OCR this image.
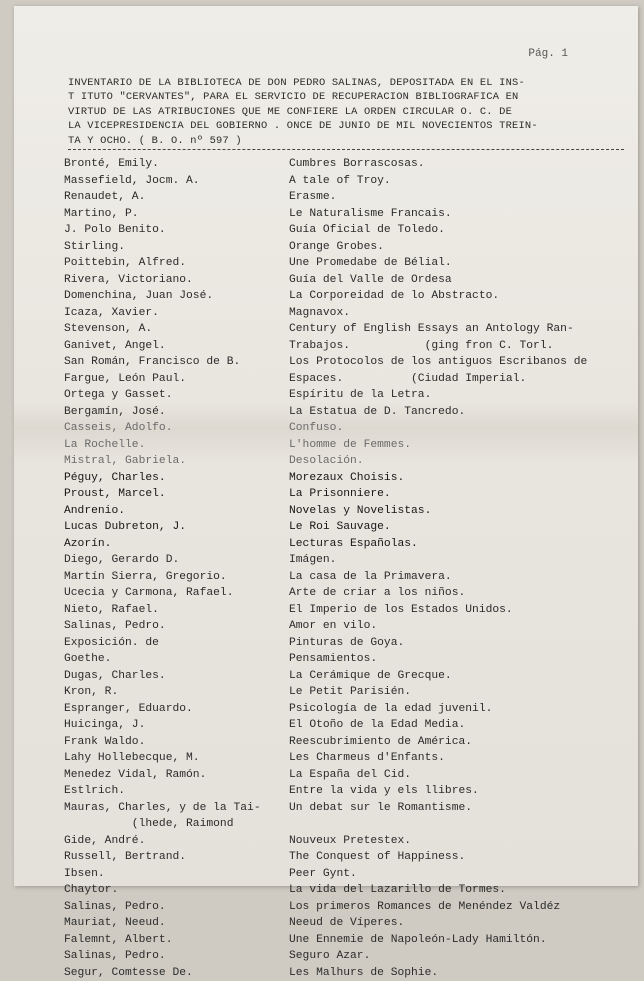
Pág. 1
INVENTARIO DE LA BIBLIOTECA DE DON PEDRO SALINAS, DEPOSITADA EN EL INS-
T ITUTO "CERVANTES", PARA EL SERVICIO DE RECUPERACION BIBLIOGRAFICA EN
VIRTUD DE LAS ATRIBUCIONES QUE ME CONFIERE LA ORDEN CIRCULAR O. C. DE
LA VICEPRESIDENCIA DEL GOBIERNO . ONCE DE JUNIO DE MIL NOVECIENTOS TREIN-
TA Y OCHO. ( B. O. nº 597 )
Bronté, Emily.	Cumbres Borrascosas.
Massefield, Jocm. A.	A tale of Troy.
Renaudet, A.	Erasme.
Martino, P.	Le Naturalisme Francais.
J. Polo Benito.	Guía Oficial de Toledo.
Stirling.	Orange Grobes.
Poittebin, Alfred.	Une Promedabe de Bélial.
Rivera, Victoriano.	Guía del Valle de Ordesa
Domenchina, Juan José.	La Corporeidad de lo Abstracto.
Icaza, Xavier.	Magnavox.
Stevenson, A.	Century of English Essays an Antology Ran-
Ganivet, Angel.	Trabajos.           (ging fron C. Torl.
San Román, Francisco de B.	Los Protocolos de los antiguos Escribanos de
Fargue, León Paul.	Espaces.          (Ciudad Imperial.
Ortega y Gasset.	Espíritu de la Letra.
Bergamín, José.	La Estatua de D. Tancredo.
Casseis, Adolfo.	Confuso.
La Rochelle.	L'homme de Femmes.
Mistral, Gabriela.	Desolación.
Péguy, Charles.	Morezaux Choisis.
Proust, Marcel.	La Prisonniere.
Andrenio.	Novelas y Novelistas.
Lucas Dubreton, J.	Le Roi Sauvage.
Azorín.	Lecturas Españolas.
Diego, Gerardo D.	Imágen.
Martín Sierra, Gregorio.	La casa de la Primavera.
Ucecia y Carmona, Rafael.	Arte de criar a los niños.
Nieto, Rafael.	El Imperio de los Estados Unidos.
Salinas, Pedro.	Amor en vilo.
Exposición. de	Pinturas de Goya.
Goethe.	Pensamientos.
Dugas, Charles.	La Cerámique de Grecque.
Kron, R.	Le Petit Parisién.
Espranger, Eduardo.	Psicología de la edad juvenil.
Huicinga, J.	El Otoño de la Edad Media.
Frank Waldo.	Reescubrimiento de América.
Lahy Hollebecque, M.	Les Charmeus d'Enfants.
Menedez Vidal, Ramón.	La España del Cid.
Estlrich.	Entre la vida y els llibres.
Mauras, Charles, y de la Tai-	Un debat sur le Romantisme.
(lhede, Raimond
Gide, André.	Nouveux Pretestex.
Russell, Bertrand.	The Conquest of Happiness.
Ibsen.	Peer Gynt.
Chaytor.	La vida del Lazarillo de Tormes.
Salinas, Pedro.	Los primeros Romances de Menéndez Valdéz
Mauriat, Neeud.	Neeud de Víperes.
Falemnt, Albert.	Une Ennemie de Napoleón-Lady Hamiltón.
Salinas, Pedro.	Seguro Azar.
Segur, Comtesse De.	Les Malhurs de Sophie.
